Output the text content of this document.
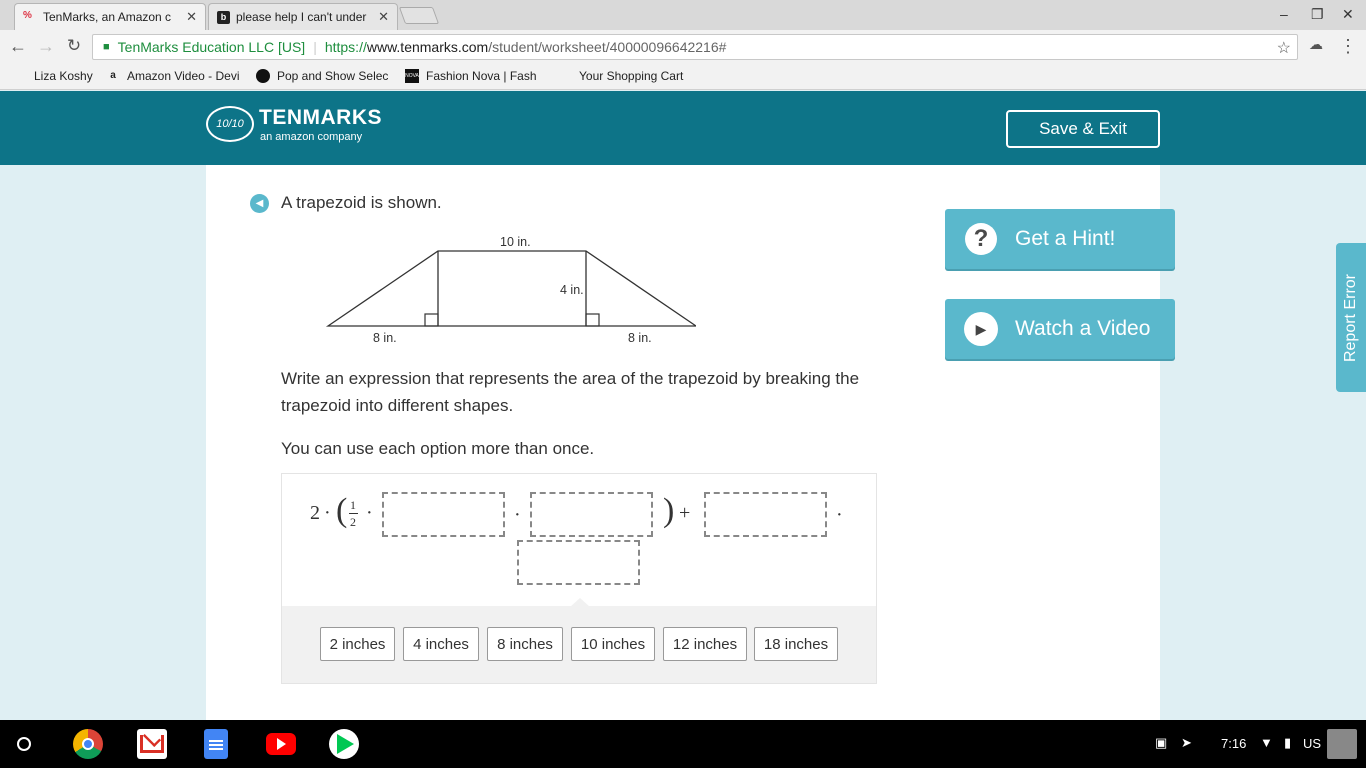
% TenMarks, an Amazon c	✕	b please help I can't under ✕	‒ ❐ ✕
← → ↻	■ TenMarks Education LLC [US] | https:// www.tenmarks.com /student/worksheet/40000096642216#	☆ ☁ ⋮
Liza Koshy	a Amazon Video - Devi	Pop and Show Selec	NOVA Fashion Nova | Fash	Your Shopping Cart
10/10 TENMARKS
an amazon company	Save & Exit
◀	A trapezoid is shown.
10 in.
4 in.
8 in.	8 in.
Write an expression that represents the area of the trapezoid by breaking the trapezoid into different shapes.
You can use each option more than once.
2 · ( 1
2 ·	·	) +	·
2 inches	4 inches	8 inches	10 inches	12 inches	18 inches
?	Get a Hint!
▶	Watch a Video	Report Error
▣ ➤ 7:16 ▼ ▮ US
